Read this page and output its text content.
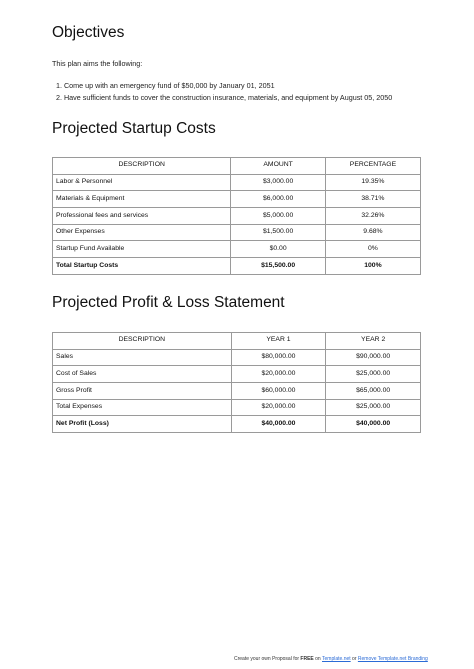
Objectives
This plan aims the following:
1. Come up with an emergency fund of $50,000 by January 01, 2051
2. Have sufficient funds to cover the construction insurance, materials, and equipment by August 05, 2050
Projected Startup Costs
DESCRIPTION	AMOUNT	PERCENTAGE
Labor & Personnel	$3,000.00	19.35%
Materials & Equipment	$6,000.00	38.71%
Professional fees and services	$5,000.00	32.26%
Other Expenses	$1,500.00	9.68%
Startup Fund Available	$0.00	0%
Total Startup Costs	$15,500.00	100%
Projected Profit & Loss Statement
DESCRIPTION	YEAR 1	YEAR 2
Sales	$80,000.00	$90,000.00
Cost of Sales	$20,000.00	$25,000.00
Gross Profit	$60,000.00	$65,000.00
Total Expenses	$20,000.00	$25,000.00
Net Profit (Loss)	$40,000.00	$40,000.00
Create your own Proposal for FREE on Template.net or Remove Template.net Branding
